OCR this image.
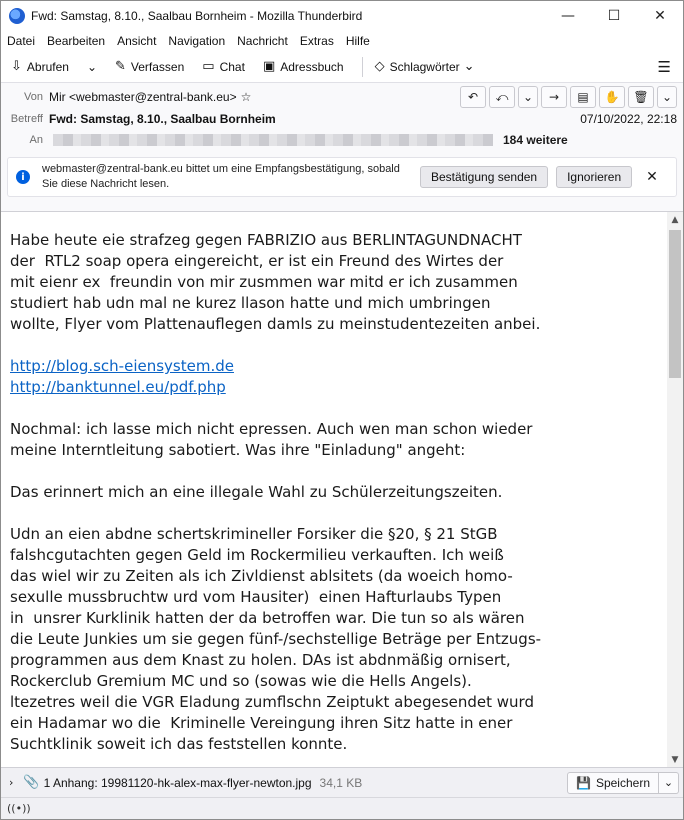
Fwd: Samstag, 8.10., Saalbau Bornheim - Mozilla Thunderbird	—	☐	✕
Datei Bearbeiten Ansicht Navigation Nachricht Extras Hilfe
⇩ Abrufen	⌄	✎ Verfassen ▭ Chat ▣ Adressbuch ◇ Schlagwörter ⌄	☰
Von Mir <webmaster@zentral-bank.eu> ☆	↶	⤺	⌄	→	▤	✋	🗑	⌄
Betreff Fwd: Samstag, 8.10., Saalbau Bornheim	07/10/2022, 22:18
An	184 weitere
i
webmaster@zentral-bank.eu bittet um eine Empfangsbestätigung, sobald Sie diese Nachricht lesen.	Bestätigung senden	Ignorieren	✕
Habe heute eie strafzeg gegen FABRIZIO aus BERLINTAGUNDNACHT
der  RTL2 soap opera eingereicht, er ist ein Freund des Wirtes der
mit eienr ex  freundin von mir zusmmen war mitd er ich zusammen
studiert hab udn mal ne kurez llason hatte und mich umbringen
wollte, Flyer vom Plattenauflegen damls zu meinstudentezeiten anbei.
http://blog.sch-eiensystem.de
http://banktunnel.eu/pdf.php
Nochmal: ich lasse mich nicht epressen. Auch wen man schon wieder
meine Interntleitung sabotiert. Was ihre "Einladung" angeht:
Das erinnert mich an eine illegale Wahl zu Schülerzeitungszeiten.
Udn an eien abdne schertskrimineller Forsiker die §20, § 21 StGB
falshcgutachten gegen Geld im Rockermilieu verkauften. Ich weiß
das wiel wir zu Zeiten als ich Zivldienst ablsitets (da woeich homo-
sexulle mussbruchtw urd vom Hausiter)  einen Hafturlaubs Typen
in  unsrer Kurklinik hatten der da betroffen war. Die tun so als wären
die Leute Junkies um sie gegen fünf-/sechstellige Beträge per Entzugs-
programmen aus dem Knast zu holen. DAs ist abdnmäßig ornisert,
Rockerclub Gremium MC und so (sowas wie die Hells Angels).
ltezetres weil die VGR Eladung zumflschn Zeiptukt abegesendet wurd
ein Hadamar wo die  Kriminelle Vereingung ihren Sitz hatte in ener
Suchtklinik soweit ich das feststellen konnte.
▲
▼
› 📎 1 Anhang: 19981120-hk-alex-max-flyer-newton.jpg 34,1 KB	💾 Speichern	⌄
((•))
